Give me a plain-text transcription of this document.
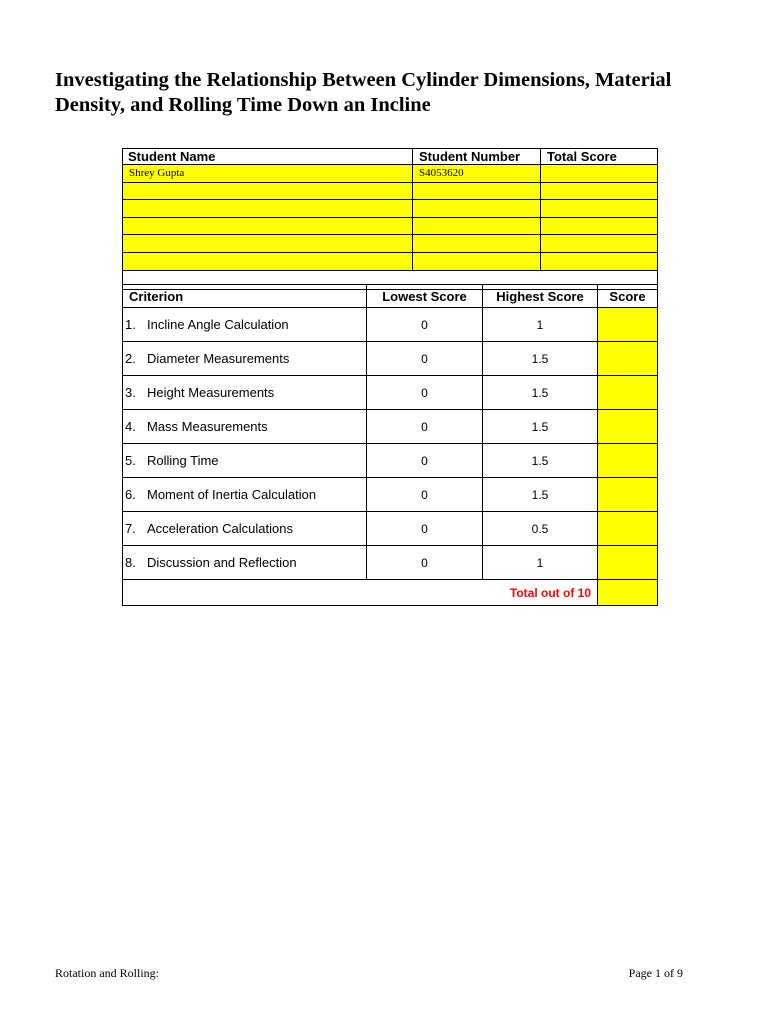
Investigating the Relationship Between Cylinder Dimensions, Material Density, and Rolling Time Down an Incline
Student Name	Student Number	Total Score
Shrey Gupta	S4053620	

Criterion	Lowest Score	Highest Score	Score
1. Incline Angle Calculation	0	1	
2. Diameter Measurements	0	1.5	
3. Height Measurements	0	1.5	
4. Mass Measurements	0	1.5	
5. Rolling Time	0	1.5	
6. Moment of Inertia Calculation	0	1.5	
7. Acceleration Calculations	0	0.5	
8. Discussion and Reflection	0	1	
Total out of 10			
Rotation and Rolling:	Page 1 of 9
